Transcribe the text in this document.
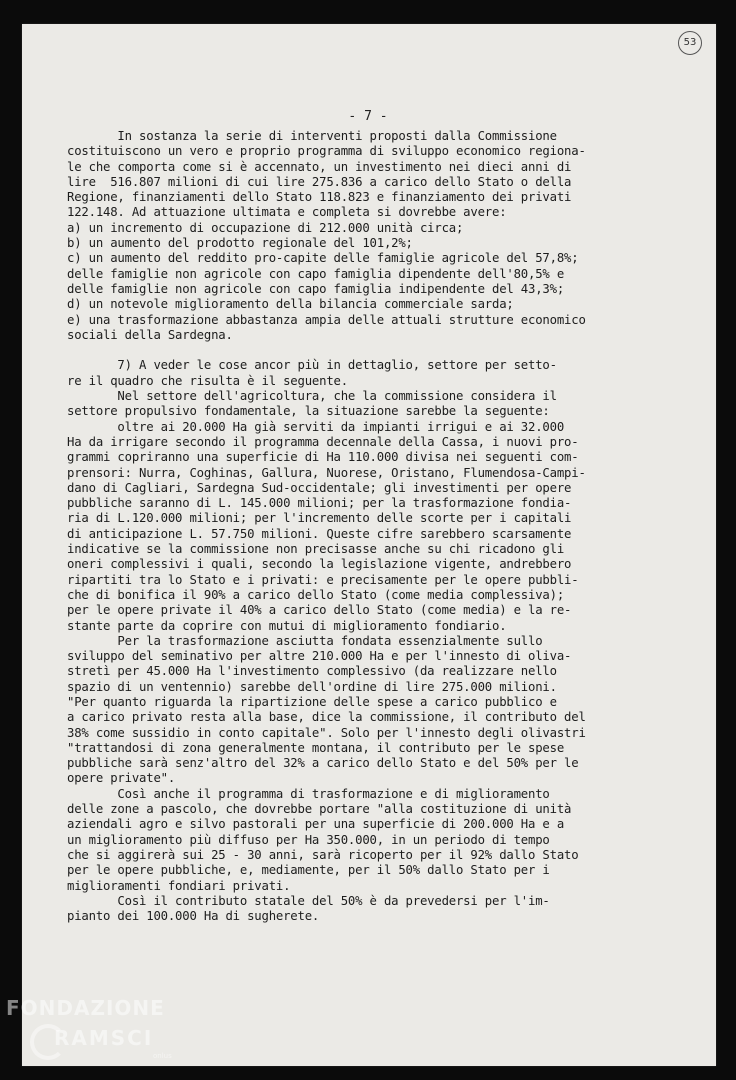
53
- 7 -
In sostanza la serie di interventi proposti dalla Commissione
costituiscono un vero e proprio programma di sviluppo economico regiona-
le che comporta come si è accennato, un investimento nei dieci anni di
lire  516.807 milioni di cui lire 275.836 a carico dello Stato o della
Regione, finanziamenti dello Stato 118.823 e finanziamento dei privati
122.148. Ad attuazione ultimata e completa si dovrebbe avere:
a) un incremento di occupazione di 212.000 unità circa;
b) un aumento del prodotto regionale del 101,2%;
c) un aumento del reddito pro-capite delle famiglie agricole del 57,8%;
delle famiglie non agricole con capo famiglia dipendente dell'80,5% e
delle famiglie non agricole con capo famiglia indipendente del 43,3%;
d) un notevole miglioramento della bilancia commerciale sarda;
e) una trasformazione abbastanza ampia delle attuali strutture economico
sociali della Sardegna.
7) A veder le cose ancor più in dettaglio, settore per setto-
re il quadro che risulta è il seguente.
Nel settore dell'agricoltura, che la commissione considera il
settore propulsivo fondamentale, la situazione sarebbe la seguente:
oltre ai 20.000 Ha già serviti da impianti irrigui e ai 32.000
Ha da irrigare secondo il programma decennale della Cassa, i nuovi pro-
grammi copriranno una superficie di Ha 110.000 divisa nei seguenti com-
prensori: Nurra, Coghinas, Gallura, Nuorese, Oristano, Flumendosa-Campi-
dano di Cagliari, Sardegna Sud-occidentale; gli investimenti per opere
pubbliche saranno di L. 145.000 milioni; per la trasformazione fondia-
ria di L.120.000 milioni; per l'incremento delle scorte per i capitali
di anticipazione L. 57.750 milioni. Queste cifre sarebbero scarsamente
indicative se la commissione non precisasse anche su chi ricadono gli
oneri complessivi i quali, secondo la legislazione vigente, andrebbero
ripartiti tra lo Stato e i privati: e precisamente per le opere pubbli-
che di bonifica il 90% a carico dello Stato (come media complessiva);
per le opere private il 40% a carico dello Stato (come media) e la re-
stante parte da coprire con mutui di miglioramento fondiario.
Per la trasformazione asciutta fondata essenzialmente sullo
sviluppo del seminativo per altre 210.000 Ha e per l'innesto di oliva-
stretì per 45.000 Ha l'investimento complessivo (da realizzare nello
spazio di un ventennio) sarebbe dell'ordine di lire 275.000 milioni.
"Per quanto riguarda la ripartizione delle spese a carico pubblico e
a carico privato resta alla base, dice la commissione, il contributo del
38% come sussidio in conto capitale". Solo per l'innesto degli olivastri
"trattandosi di zona generalmente montana, il contributo per le spese
pubbliche sarà senz'altro del 32% a carico dello Stato e del 50% per le
opere private".
Così anche il programma di trasformazione e di miglioramento
delle zone a pascolo, che dovrebbe portare "alla costituzione di unità
aziendali agro e silvo pastorali per una superficie di 200.000 Ha e a
un miglioramento più diffuso per Ha 350.000, in un periodo di tempo
che si aggirerà sui 25 - 30 anni, sarà ricoperto per il 92% dallo Stato
per le opere pubbliche, e, mediamente, per il 50% dallo Stato per i
miglioramenti fondiari privati.
Così il contributo statale del 50% è da prevedersi per l'im-
pianto dei 100.000 Ha di sugherete.
FONDAZIONE
RAMSCI
onlus
